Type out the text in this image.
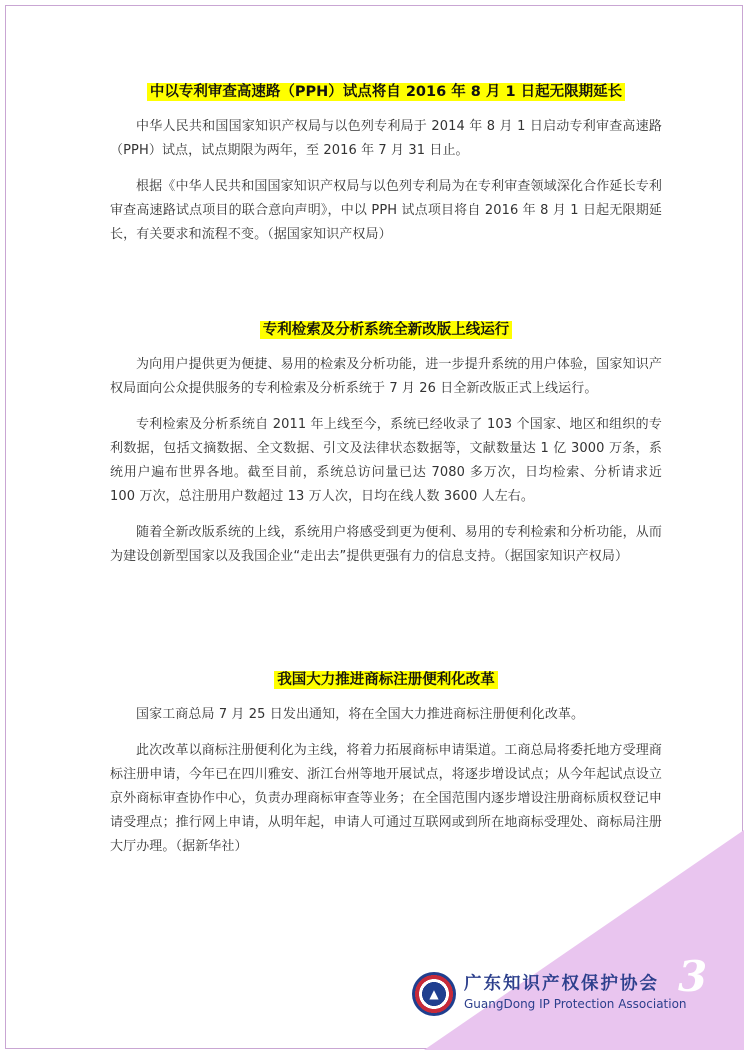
中以专利审查高速路（PPH）试点将自 2016 年 8 月 1 日起无限期延长

中华人民共和国国家知识产权局与以色列专利局于 2014 年 8 月 1 日启动专利审查高速路（PPH）试点，试点期限为两年，至 2016 年 7 月 31 日止。

根据《中华人民共和国国家知识产权局与以色列专利局为在专利审查领域深化合作延长专利审查高速路试点项目的联合意向声明》，中以 PPH 试点项目将自 2016 年 8 月 1 日起无限期延长，有关要求和流程不变。（据国家知识产权局）

专利检索及分析系统全新改版上线运行

为向用户提供更为便捷、易用的检索及分析功能，进一步提升系统的用户体验，国家知识产权局面向公众提供服务的专利检索及分析系统于 7 月 26 日全新改版正式上线运行。

专利检索及分析系统自 2011 年上线至今，系统已经收录了 103 个国家、地区和组织的专利数据，包括文摘数据、全文数据、引文及法律状态数据等，文献数量达 1 亿 3000 万条，系统用户遍布世界各地。截至目前，系统总访问量已达 7080 多万次，日均检索、分析请求近 100 万次，总注册用户数超过 13 万人次，日均在线人数 3600 人左右。

随着全新改版系统的上线，系统用户将感受到更为便利、易用的专利检索和分析功能，从而为建设创新型国家以及我国企业“走出去”提供更强有力的信息支持。（据国家知识产权局）

我国大力推进商标注册便利化改革

国家工商总局 7 月 25 日发出通知，将在全国大力推进商标注册便利化改革。

此次改革以商标注册便利化为主线，将着力拓展商标申请渠道。工商总局将委托地方受理商标注册申请，今年已在四川雅安、浙江台州等地开展试点，将逐步增设试点；从今年起试点设立京外商标审查协作中心，负责办理商标审查等业务；在全国范围内逐步增设注册商标质权登记申请受理点；推行网上申请，从明年起，申请人可通过互联网或到所在地商标受理处、商标局注册大厅办理。（据新华社）

▲ 广东知识产权保护协会
GuangDong IP Protection Association
3
